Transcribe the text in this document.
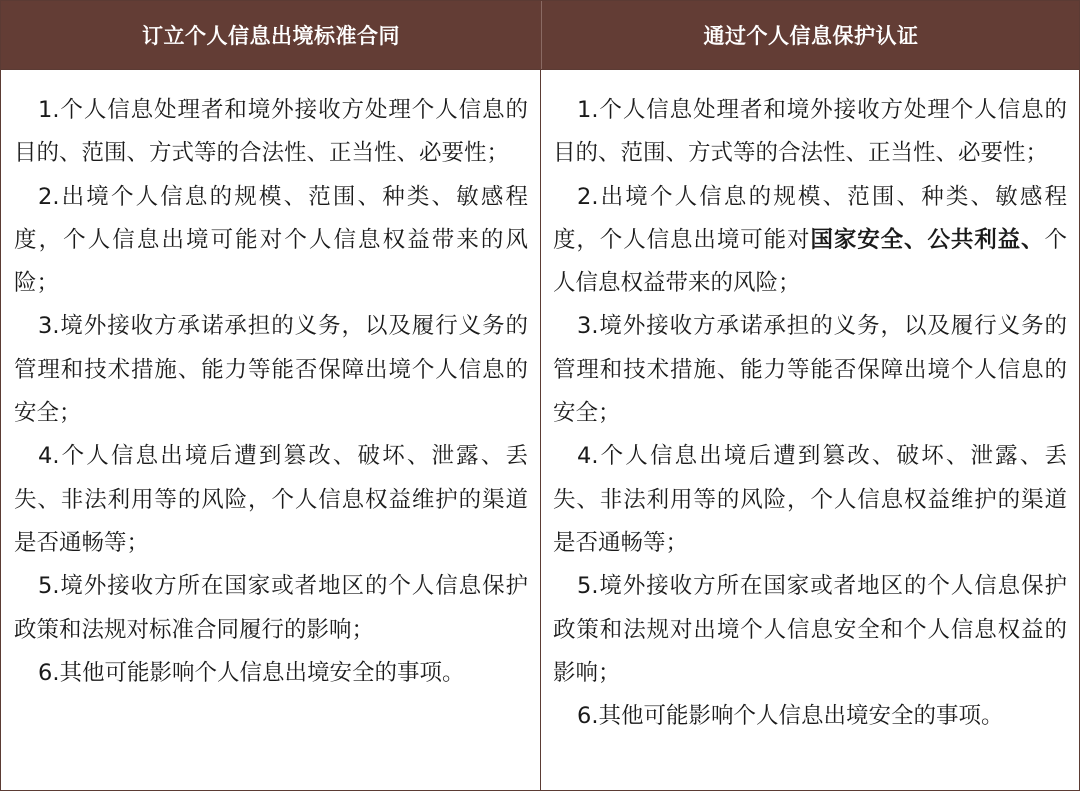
订立个人信息出境标准合同	通过个人信息保护认证

1.个人信息处理者和境外接收方处理个人信息的目的、范围、方式等的合法性、正当性、必要性；

2.出境个人信息的规模、范围、种类、敏感程度，个人信息出境可能对个人信息权益带来的风险；

3.境外接收方承诺承担的义务，以及履行义务的管理和技术措施、能力等能否保障出境个人信息的安全；

4.个人信息出境后遭到篡改、破坏、泄露、丢失、非法利用等的风险，个人信息权益维护的渠道是否通畅等；

5.境外接收方所在国家或者地区的个人信息保护政策和法规对标准合同履行的影响；

6.其他可能影响个人信息出境安全的事项。

1.个人信息处理者和境外接收方处理个人信息的目的、范围、方式等的合法性、正当性、必要性；

2.出境个人信息的规模、范围、种类、敏感程度，个人信息出境可能对国家安全、公共利益、个人信息权益带来的风险；

3.境外接收方承诺承担的义务，以及履行义务的管理和技术措施、能力等能否保障出境个人信息的安全；

4.个人信息出境后遭到篡改、破坏、泄露、丢失、非法利用等的风险，个人信息权益维护的渠道是否通畅等；

5.境外接收方所在国家或者地区的个人信息保护政策和法规对出境个人信息安全和个人信息权益的影响；

6.其他可能影响个人信息出境安全的事项。
